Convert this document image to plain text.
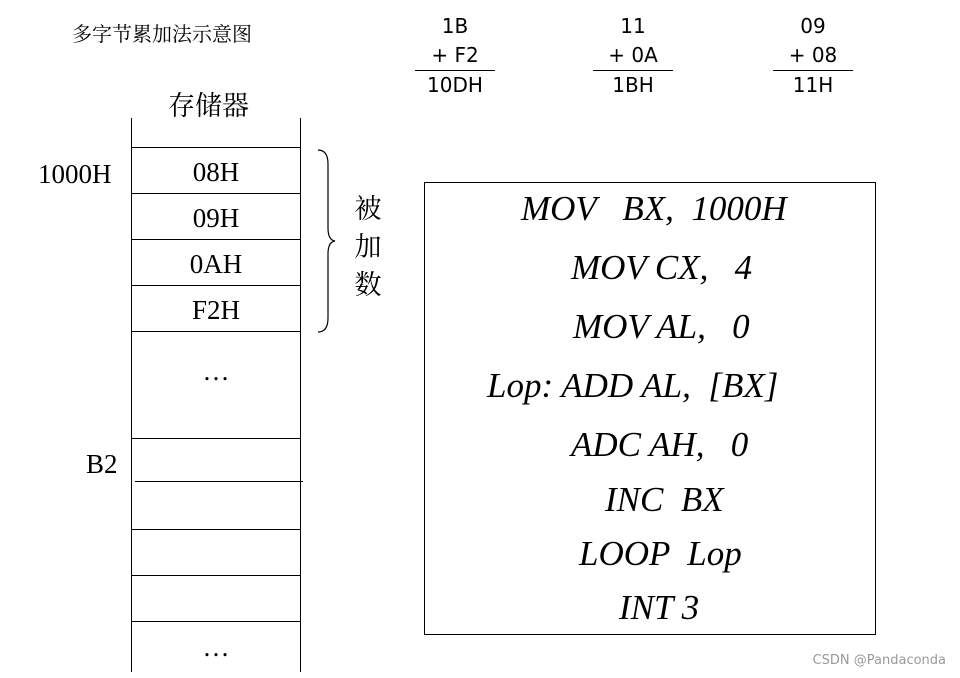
多字节累加法示意图	1B
+ F2
10DH
11
+ 0A
1BH
09
+ 08
11H
存储器
1000H	08H
09H
0AH
F2H
…
B2
…
被
加
数
MOV   BX,  1000H
MOV CX,   4
MOV AL,   0
Lop: ADD AL,  [BX]
ADC AH,   0
INC  BX
LOOP  Lop
INT 3
CSDN @Pandaconda
